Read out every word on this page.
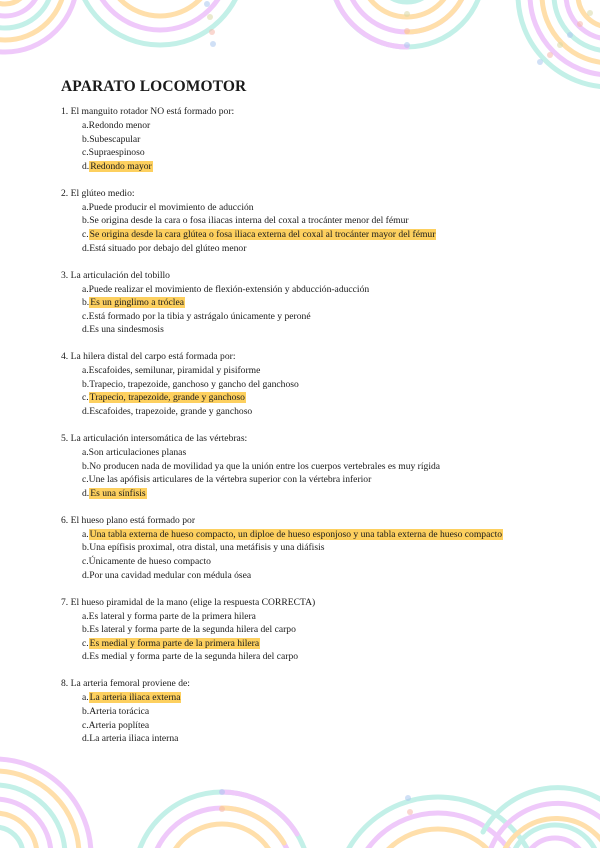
APARATO LOCOMOTOR
1. El manguito rotador NO está formado por:
a.Redondo menor
b.Subescapular
c.Supraespinoso
d.Redondo mayor
2. El glúteo medio:
a.Puede producir el movimiento de aducción
b.Se origina desde la cara o fosa iliacas interna del coxal a trocánter menor del fémur
c.Se origina desde la cara glútea o fosa iliaca externa del coxal al trocánter mayor del fémur
d.Está situado por debajo del glúteo menor
3. La articulación del tobillo
a.Puede realizar el movimiento de flexión-extensión y abducción-aducción
b.Es un ginglimo a tróclea
c.Está formado por la tibia y astrágalo únicamente y peroné
d.Es una sindesmosis
4. La hilera distal del carpo está formada por:
a.Escafoides, semilunar, piramidal y pisiforme
b.Trapecio, trapezoide, ganchoso y gancho del ganchoso
c.Trapecio, trapezoide, grande y ganchoso
d.Escafoides, trapezoide, grande y ganchoso
5. La articulación intersomática de las vértebras:
a.Son articulaciones planas
b.No producen nada de movilidad ya que la unión entre los cuerpos vertebrales es muy rígida
c.Une las apófisis articulares de la vértebra superior con la vértebra inferior
d.Es una sínfisis
6. El hueso plano está formado por
a.Una tabla externa de hueso compacto, un diploe de hueso esponjoso y una tabla externa de hueso compacto
b.Una epífisis proximal, otra distal, una metáfisis y una diáfisis
c.Únicamente de hueso compacto
d.Por una cavidad medular con médula ósea
7. El hueso piramidal de la mano (elige la respuesta CORRECTA)
a.Es lateral y forma parte de la primera hilera
b.Es lateral y forma parte de la segunda hilera del carpo
c.Es medial y forma parte de la primera hilera
d.Es medial y forma parte de la segunda hilera del carpo
8. La arteria femoral proviene de:
a.La arteria iliaca externa
b.Arteria torácica
c.Arteria poplítea
d.La arteria iliaca interna
